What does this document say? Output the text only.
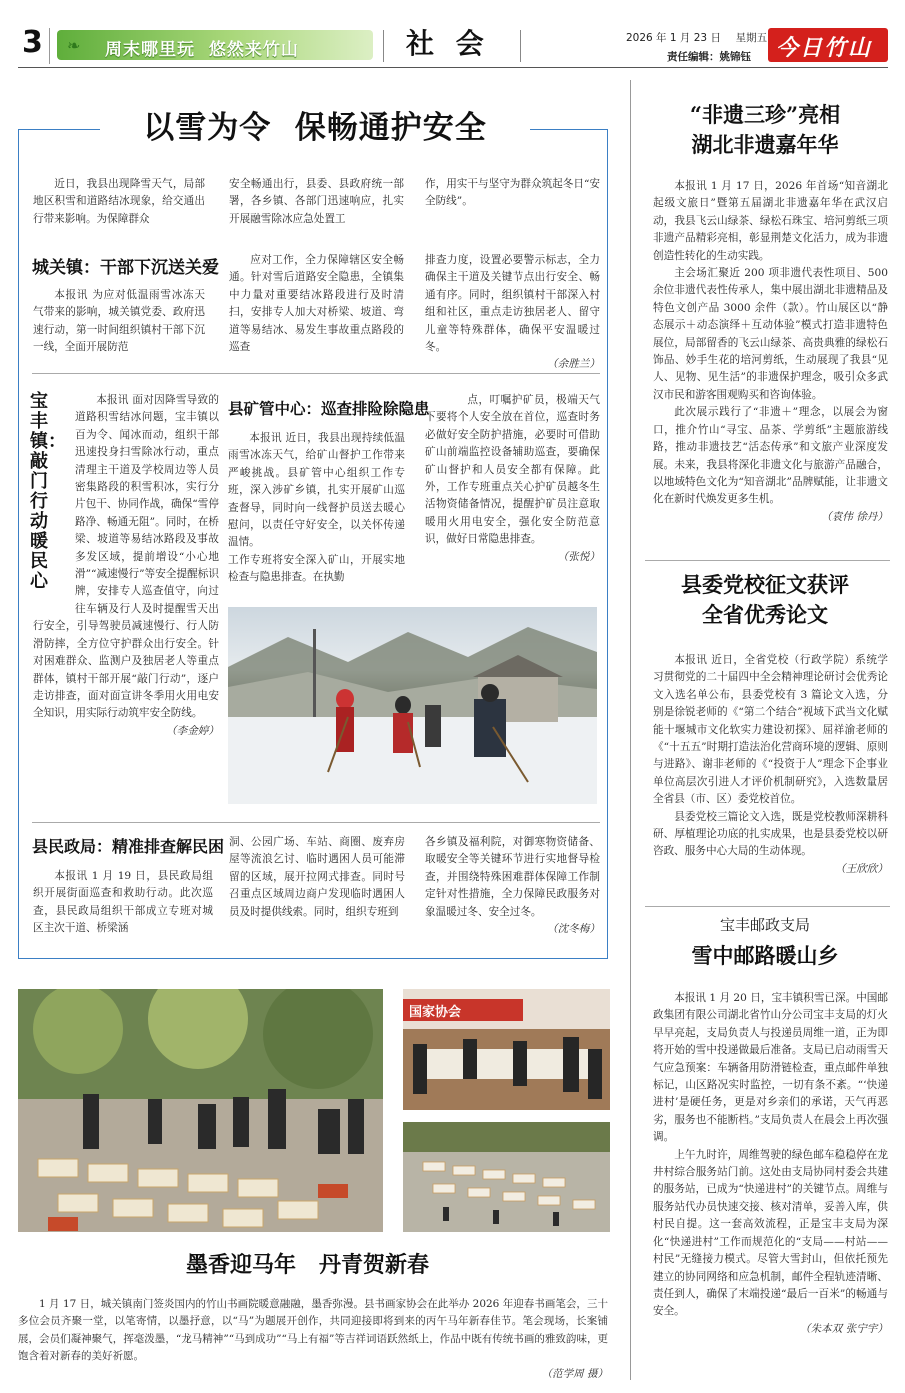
3 ❧ 周末哪里玩  悠然来竹山	社 会	2026 年 1 月 23 日 星期五
责任编辑：姚锦钰 今日竹山
以雪为令  保畅通护安全

近日，我县出现降雪天气，局部地区积雪和道路结冰现象，给交通出行带来影响。为保障群众

安全畅通出行，县委、县政府统一部署，各乡镇、各部门迅速响应，扎实开展融雪除冰应急处置工

作，用实干与坚守为群众筑起冬日“安全防线”。

城关镇：干部下沉送关爱

本报讯 为应对低温雨雪冰冻天气带来的影响，城关镇党委、政府迅速行动，第一时间组织镇村干部下沉一线，全面开展防范

应对工作，全力保障辖区安全畅通。针对雪后道路安全隐患，全镇集中力量对重要结冰路段进行及时清扫，安排专人加大对桥梁、坡道、弯道等易结冰、易发生事故重点路段的巡查

排查力度，设置必要警示标志，全力确保主干道及关键节点出行安全、畅通有序。同时，组织镇村干部深入村组和社区，重点走访独居老人、留守儿童等特殊群体，确保平安温暖过冬。

（余胜兰）
宝丰镇：敲门行动暖民心

本报讯 面对因降雪导致的道路积雪结冰问题，宝丰镇以百为令、闻冰而动，组织干部迅速投身扫雪除冰行动，重点清理主干道及学校周边等人员密集路段的积雪积冰，实行分片包干、协同作战，确保“雪停路净、畅通无阻”。同时，在桥梁、坡道等易结冰路段及事故多发区域，提前增设“小心地滑”“减速慢行”等安全提醒标识牌，安排专人巡查值守，向过往车辆及行人及时提醒雪天出行安全，引导驾驶员减速慢行、行人防滑防摔，全方位守护群众出行安全。针对困难群众、监测户及独居老人等重点群体，镇村干部开展“敲门行动”，逐户走访排查，面对面宣讲冬季用火用电安全知识，用实际行动筑牢安全防线。

（李金婷）
县矿管中心：巡查排险除隐患

本报讯 近日，我县出现持续低温雨雪冰冻天气，给矿山督护工作带来严峻挑战。县矿管中心组织工作专班，深入涉矿乡镇，扎实开展矿山巡查督导，同时向一线督护员送去暖心慰问，以责任守好安全，以关怀传递温情。
工作专班将安全深入矿山，开展实地检查与隐患排查。在执勤

点，叮嘱护矿员，极端天气下要将个人安全放在首位，巡查时务必做好安全防护措施，必要时可借助矿山前端监控设备辅助巡查，要确保矿山督护和人员安全都有保障。此外，工作专班重点关心护矿员越冬生活物资储备情况，提醒护矿员注意取暖用火用电安全，强化安全防范意识，做好日常隐患排查。

（张悦）
县民政局：精准排查解民困

本报讯 1 月 19 日，县民政局组织开展街面巡查和救助行动。此次巡查，县民政局组织干部成立专班对城区主次干道、桥梁涵

洞、公园广场、车站、商圈、废弃房屋等流浪乞讨、临时遇困人员可能滞留的区域，展开拉网式排查。同时号召重点区域周边商户发现临时遇困人员及时提供线索。同时，组织专班到

各乡镇及福利院，对御寒物资储备、取暖安全等关键环节进行实地督导检查，并围绕特殊困难群体保障工作制定针对性措施，全力保障民政服务对象温暖过冬、安全过冬。

（沈冬梅）
国家协会
墨香迎马年   丹青贺新春

1 月 17 日，城关镇南门签炎国内的竹山书画院暖意融融，墨香弥漫。县书画家协会在此举办 2026 年迎春书画笔会，三十多位会员齐聚一堂，以笔寄情，以墨抒意，以“马”为题展开创作，共同迎接即将到来的丙午马年新春佳节。笔会现场，长案铺展，会员们凝神聚气，挥毫泼墨，“龙马精神”“马到成功”“马上有福”等吉祥词语跃然纸上，作品中既有传统书画的雅致韵味，更饱含着对新春的美好祈愿。

（范学周 摄）
“非遗三珍”亮相
湖北非遗嘉年华

本报讯 1 月 17 日，2026 年首场“知音湖北 起级文旅日”暨第五届湖北非遗嘉年华在武汉启动，我县飞云山绿茶、绿松石珠宝、培河剪纸三项非遗产品精彩亮相，彰显荆楚文化活力，成为非遗创造性转化的生动实践。

主会场汇聚近 200 项非遗代表性项目、500 余位非遗代表性传承人，集中展出湖北非遗精品及特色文创产品 3000 余件（款）。竹山展区以“静态展示＋动态演绎＋互动体验”模式打造非遗特色展位，局部留香的飞云山绿茶、高贵典雅的绿松石饰品、妙手生花的培河剪纸，生动展现了我县“见人、见物、见生活”的非遗保护理念，吸引众多武汉市民和游客围观购买和咨询体验。

此次展示践行了“非遗＋”理念，以展会为窗口，推介竹山“寻宝、品茶、学剪纸”主题旅游线路，推动非遗技艺“活态传承”和文旅产业深度发展。未来，我县将深化非遗文化与旅游产品融合，以地域特色文化为“知音湖北”品牌赋能，让非遗文化在新时代焕发更多生机。

（袁伟 徐丹）
县委党校征文获评
全省优秀论文

本报讯 近日，全省党校（行政学院）系统学习贯彻党的二十届四中全会精神理论研讨会优秀论文入选名单公布，县委党校有 3 篇论文入选，分别是徐锐老师的《“第二个结合”视域下武当文化赋能十堰城市文化软实力建设初探》、屈祥渝老师的《“十五五”时期打造法治化营商环境的逻辑、原则与进路》、谢非老师的《“投资于人”理念下企事业单位高层次引进人才评价机制研究》，入选数量居全省县（市、区）委党校首位。

县委党校三篇论文入选，既是党校教师深耕科研、厚植理论功底的扎实成果，也是县委党校以研咨政、服务中心大局的生动体现。

（王欣欣）
宝丰邮政支局
雪中邮路暖山乡

本报讯 1 月 20 日，宝丰镇积雪已深。中国邮政集团有限公司湖北省竹山分公司宝丰支局的灯火早早亮起，支局负责人与投递员周维一道，正为即将开始的雪中投递做最后准备。支局已启动雨雪天气应急预案：车辆备用防滑链检查，重点邮件单独标记，山区路况实时监控，一切有条不紊。“‘快递进村’是硬任务，更是对乡亲们的承诺，天气再恶劣，服务也不能断档。”支局负责人在晨会上再次强调。

上午九时许，周维驾驶的绿色邮车稳稳停在龙井村综合服务站门前。这处由支局协同村委会共建的服务站，已成为“快递进村”的关键节点。周维与服务站代办员快速交接、核对清单，妥善入库，供村民自提。这一套高效流程，正是宝丰支局为深化“快递进村”工作而规范化的“支局——村站——村民”无缝接力模式。尽管大雪封山，但依托预先建立的协同网络和应急机制，邮件全程轨迹清晰、责任到人，确保了末端投递“最后一百米”的畅通与安全。

（朱本双 张宁宇）
